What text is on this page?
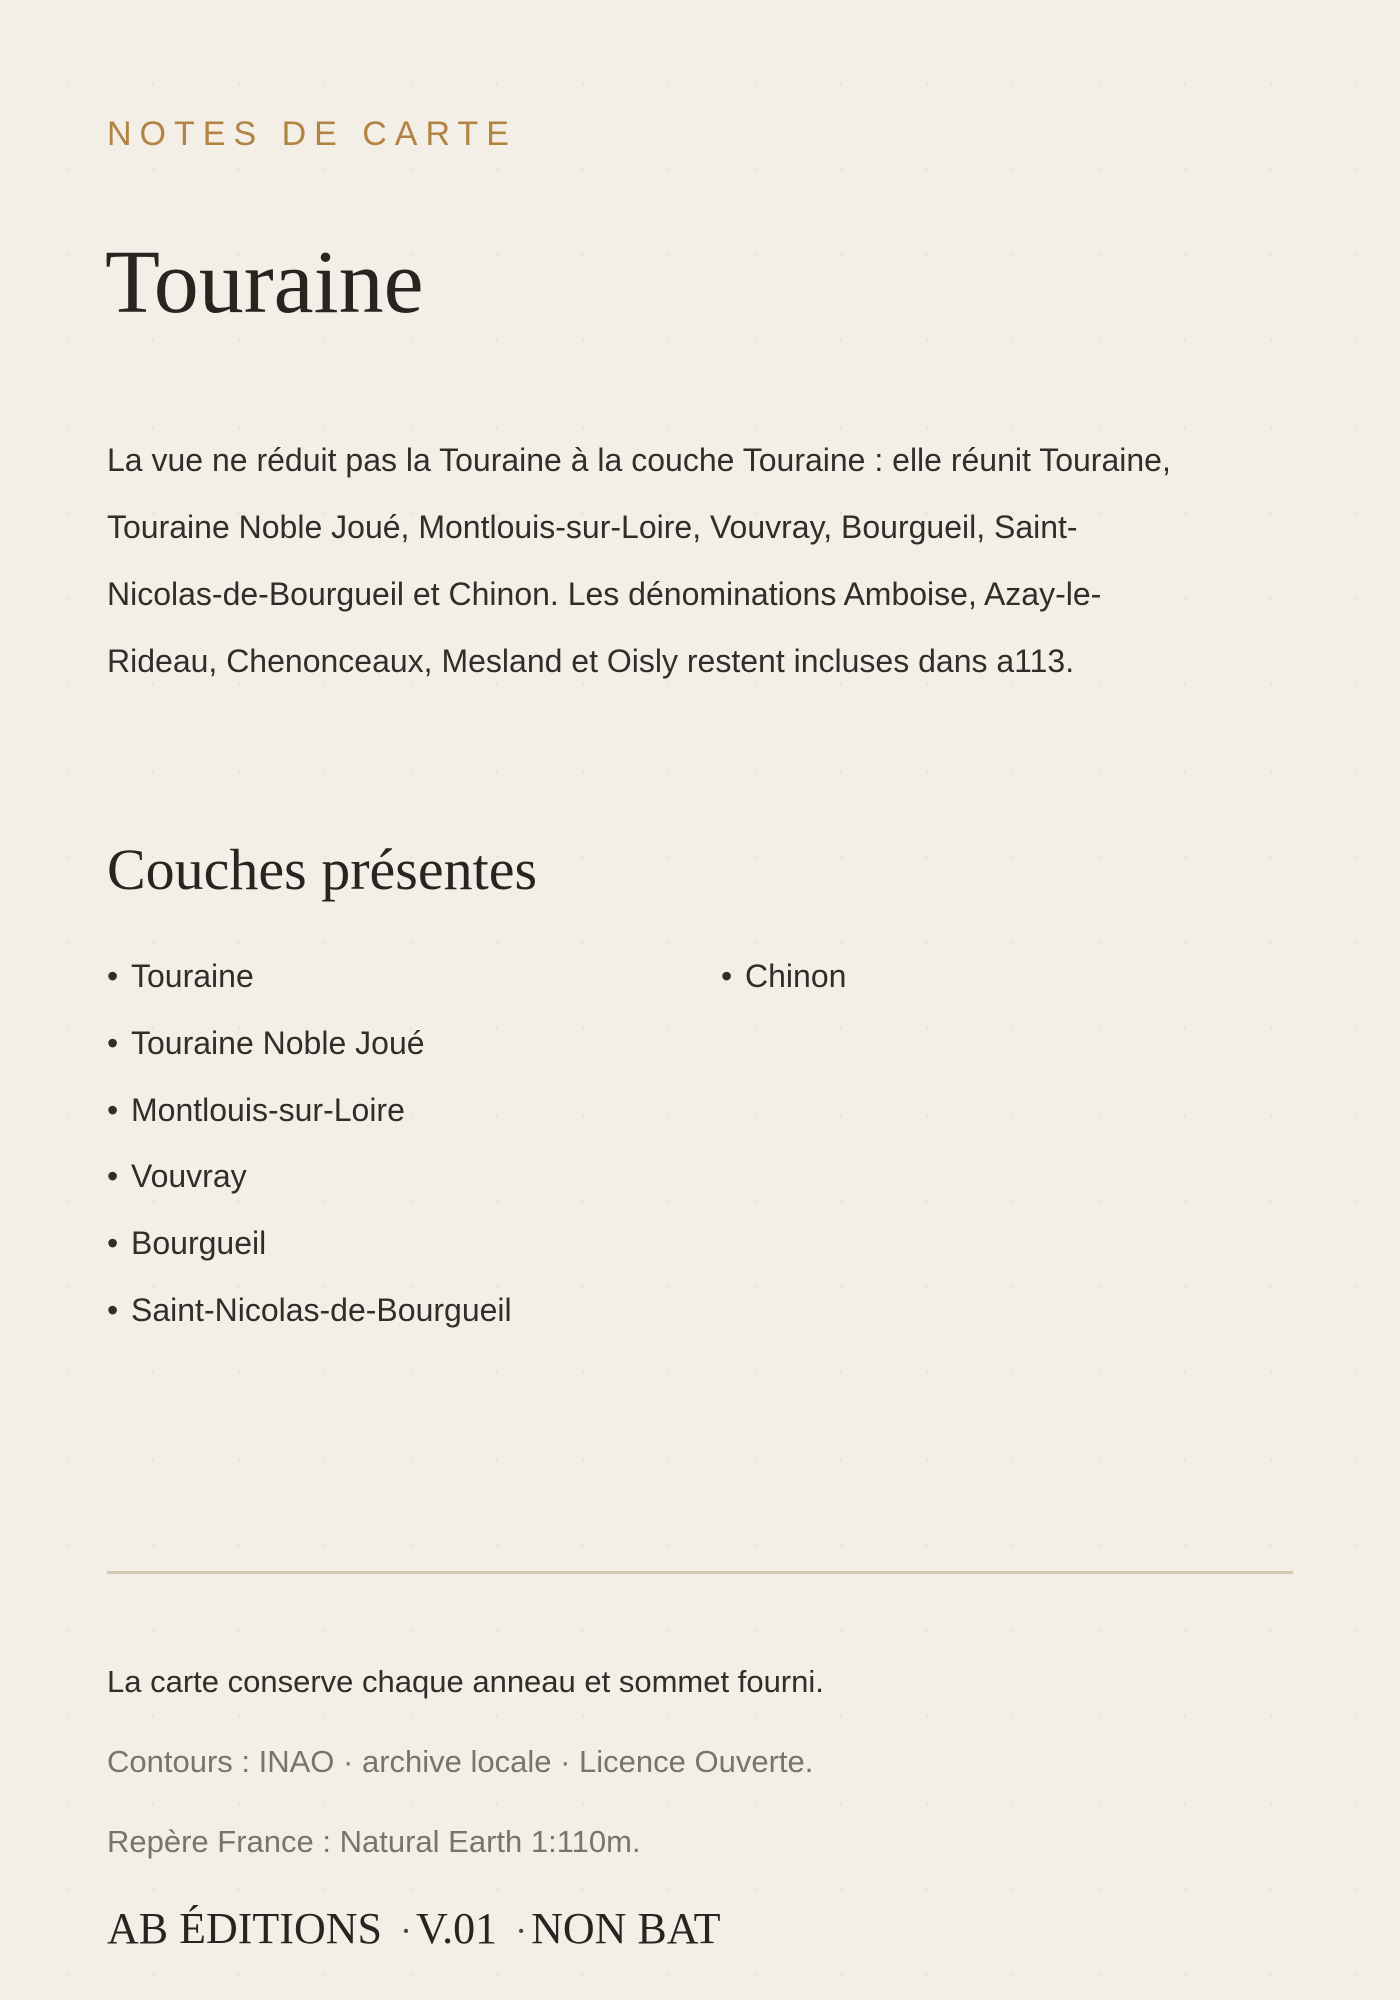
NOTES DE CARTE
Touraine

La vue ne réduit pas la Touraine à la couche Touraine : elle réunit Touraine, Touraine Noble Joué, Montlouis-sur-Loire, Vouvray, Bourgueil, Saint-Nicolas-de-Bourgueil et Chinon. Les dénominations Amboise, Azay-le-Rideau, Chenonceaux, Mesland et Oisly restent incluses dans a113.

Couches présentes
• Touraine
• Touraine Noble Joué
• Montlouis-sur-Loire
• Vouvray
• Bourgueil
• Saint-Nicolas-de-Bourgueil
• Chinon

La carte conserve chaque anneau et sommet fourni.

Contours : INAO · archive locale · Licence Ouverte.

Repère France : Natural Earth 1:110m.

AB ÉDITIONS ·V.01 ·NON BAT
